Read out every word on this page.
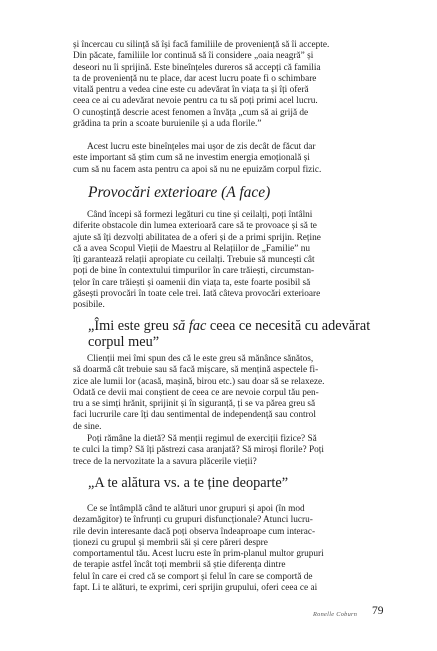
și încercau cu silință să își facă familiile de proveniență să îi accepte.
Din păcate, familiile lor continuă să îi considere „oaia neagră” și
deseori nu îi sprijină. Este bineînțeles dureros să accepți că familia
ta de proveniență nu te place, dar acest lucru poate fi o schimbare
vitală pentru a vedea cine este cu adevărat în viața ta și îți oferă
ceea ce ai cu adevărat nevoie pentru ca tu să poți primi acel lucru.
O cunoștință descrie acest fenomen a învăța „cum să ai grijă de
grădina ta prin a scoate buruienile și a uda florile.”
Acest lucru este bineînțeles mai ușor de zis decât de făcut dar
este important să știm cum să ne investim energia emoțională și
cum să nu facem asta pentru ca apoi să nu ne epuizăm corpul fizic.
Provocări exterioare (A face)
Când începi să formezi legături cu tine și ceilalți, poți întâlni
diferite obstacole din lumea exterioară care să te provoace și să te
ajute să îți dezvolți abilitatea de a oferi și de a primi sprijin. Reține
că a avea Scopul Vieții de Maestru al Relațiilor de „Familie” nu
îți garantează relații apropiate cu ceilalți. Trebuie să muncești cât
poți de bine în contextului timpurilor în care trăiești, circumstan-
țelor în care trăiești și oamenii din viața ta, este foarte posibil să
găsești provocări în toate cele trei. Iată câteva provocări exterioare
posibile.
„Îmi este greu să fac ceea ce necesită cu adevărat
corpul meu”
Clienții mei îmi spun des că le este greu să mănânce sănătos,
să doarmă cât trebuie sau să facă mișcare, să mențină aspectele fi-
zice ale lumii lor (acasă, mașină, birou etc.) sau doar să se relaxeze.
Odată ce devii mai conștient de ceea ce are nevoie corpul tău pen-
tru a se simți hrănit, sprijinit și în siguranță, ți se va părea greu să
faci lucrurile care îți dau sentimental de independență sau control
de sine.
Poți rămâne la dietă? Să menții regimul de exerciții fizice? Să
te culci la timp? Să îți păstrezi casa aranjată? Să miroși florile? Poți
trece de la nervozitate la a savura plăcerile vieții?
„A te alătura vs. a te ține deoparte”
Ce se întâmplă când te alături unor grupuri și apoi (în mod
dezamăgitor) te înfrunți cu grupuri disfuncționale? Atunci lucru-
rile devin interesante dacă poți observa îndeaproape cum interac-
ționezi cu grupul și membrii săi și cere păreri despre
comportamentul tău. Acest lucru este în prim-planul multor grupuri
de terapie astfel încât toți membrii să știe diferența dintre
felul în care ei cred că se comport și felul în care se comportă de
fapt. Li te alături, te exprimi, ceri sprijin grupului, oferi ceea ce ai
Ronelle Coburn 79
